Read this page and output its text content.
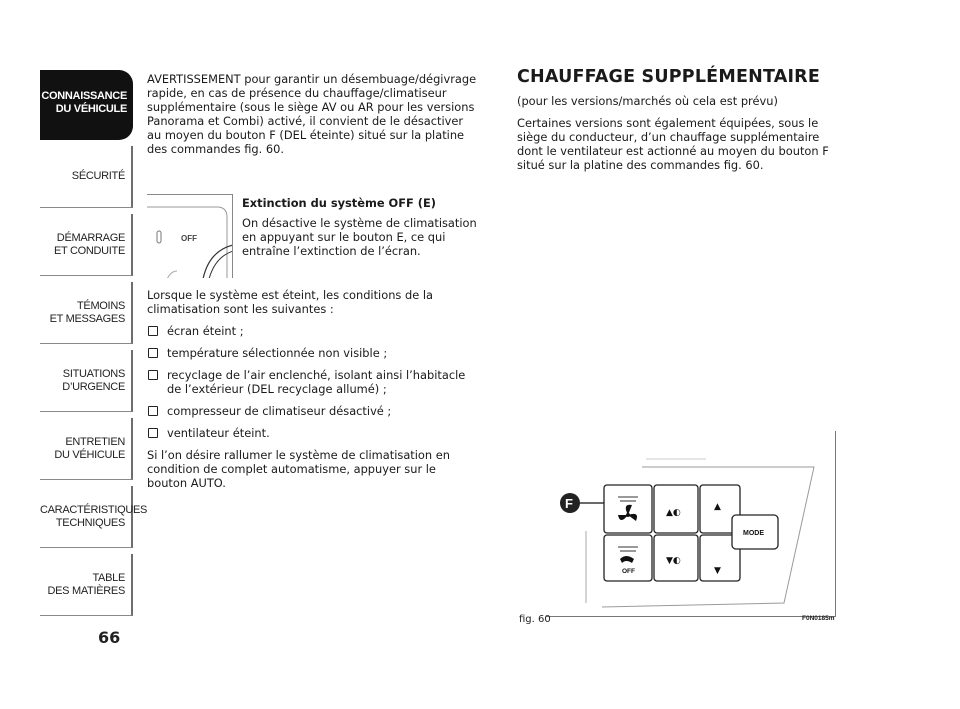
CONNAISSANCE
DU VÉHICULE
SÉCURITÉ
DÉMARRAGE
ET CONDUITE
TÉMOINS
ET MESSAGES
SITUATIONS
D’URGENCE
ENTRETIEN
DU VÉHICULE
CARACTÉRISTIQUES
TECHNIQUES
TABLE
DES MATIÈRES
66

AVERTISSEMENT pour garantir un désembuage/dégivrage rapide, en cas de présence du chauffage/climatiseur supplémentaire (sous le siège AV ou AR pour les versions Panorama et Combi) activé, il convient de le désactiver au moyen du bouton F (DEL éteinte) situé sur la platine des commandes fig. 60.

OFF
Extinction du système OFF (E)
On désactive le système de climatisation en appuyant sur le bouton E, ce qui entraîne l’extinction de l’écran.

Lorsque le système est éteint, les conditions de la climatisation sont les suivantes :

écran éteint ;
température sélectionnée non visible ;
recyclage de l’air enclenché, isolant ainsi l’habitacle de l’extérieur (DEL recyclage allumé) ;
compresseur de climatiseur désactivé ;
ventilateur éteint.

Si l’on désire rallumer le système de climatisation en condition de complet automatisme, appuyer sur le bouton AUTO.

CHAUFFAGE SUPPLÉMENTAIRE

(pour les versions/marchés où cela est prévu)

Certaines versions sont également équipées, sous le siège du conducteur, d’un chauffage supplémentaire dont le ventilateur est actionné au moyen du bouton F situé sur la platine des commandes fig. 60.

▲◐
▲
▼◐
▼
OFF
MODE
F
fig. 60	F0N0185m
